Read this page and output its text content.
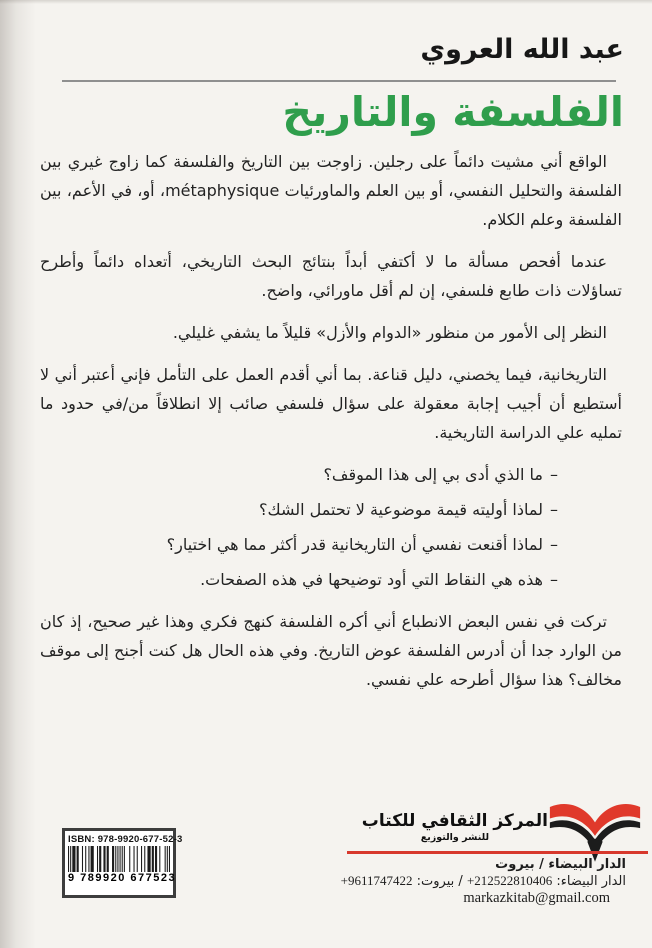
عبد الله العروي
الفلسفة والتاريخ

الواقع أني مشيت دائماً على رجلين. زاوجت بين التاريخ والفلسفة كما زاوج غيري بين الفلسفة والتحليل النفسي، أو بين العلم والماورئيات métaphysique، أو، في الأعم، بين الفلسفة وعلم الكلام.

عندما أفحص مسألة ما لا أكتفي أبداً بنتائج البحث التاريخي، أتعداه دائماً وأطرح تساؤلات ذات طابع فلسفي، إن لم أقل ماورائي، واضح.

النظر إلى الأمور من منظور «الدوام والأزل» قليلاً ما يشفي غليلي.

التاريخانية، فيما يخصني، دليل قناعة. بما أني أقدم العمل على التأمل فإني أعتبر أني لا أستطيع أن أجيب إجابة معقولة على سؤال فلسفي صائب إلا انطلاقاً من/في حدود ما تمليه علي الدراسة التاريخية.

–ما الذي أدى بي إلى هذا الموقف؟
–لماذا أوليته قيمة موضوعية لا تحتمل الشك؟
–لماذا أقنعت نفسي أن التاريخانية قدر أكثر مما هي اختيار؟
–هذه هي النقاط التي أود توضيحها في هذه الصفحات.

تركت في نفس البعض الانطباع أني أكره الفلسفة كنهج فكري وهذا غير صحيح، إذ كان من الوارد جدا أن أدرس الفلسفة عوض التاريخ. وفي هذه الحال هل كنت أجنح إلى موقف مخالف؟ هذا سؤال أطرحه علي نفسي.

المركز الثقافي للكتاب
للنشر والتوزيع
الدار البيضاء / بيروت
الدار البيضاء: +212522810406 / بيروت: +9611747422
markazkitab@gmail.com
ISBN: 978-9920-677-52-3
9 789920 677523
